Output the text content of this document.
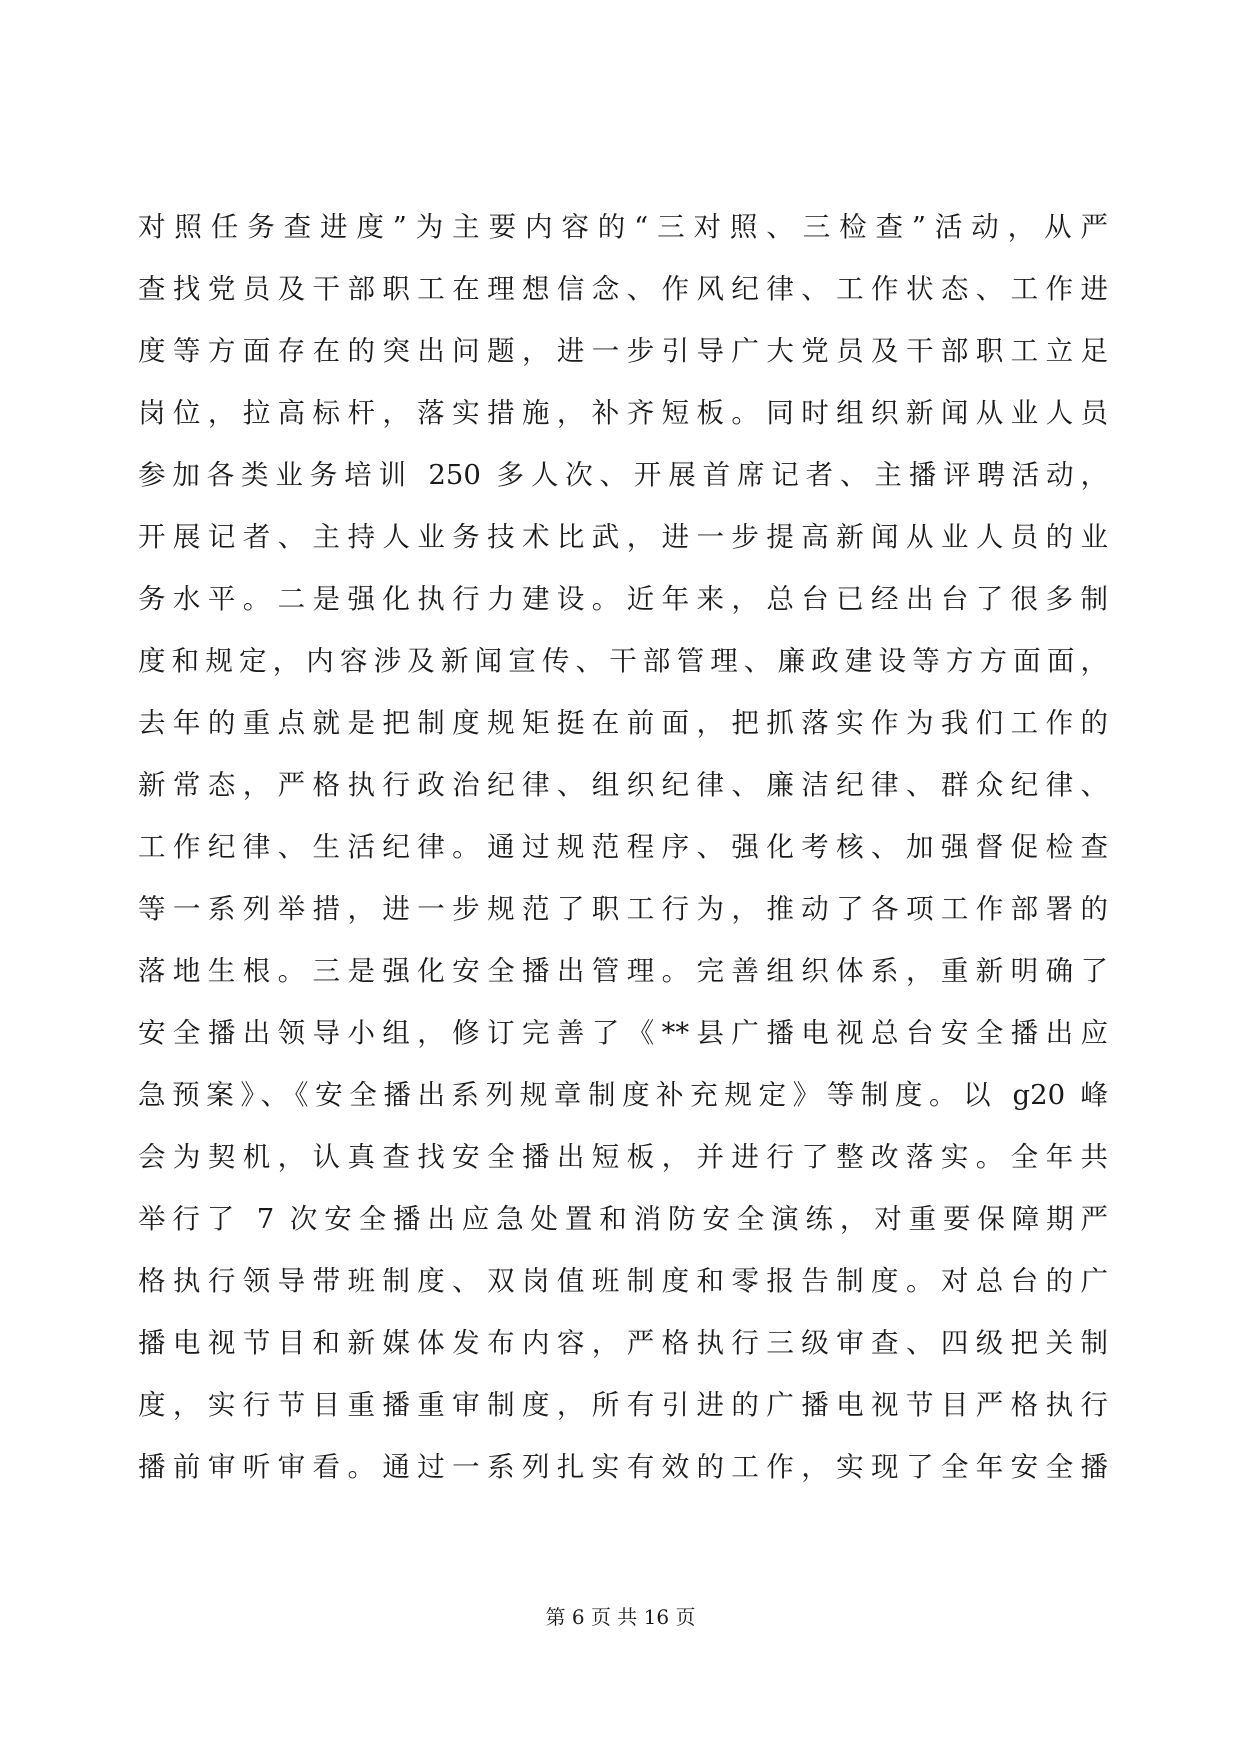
对照任务查进度”为主要内容的“三对照、三检查”活动，从严
查找党员及干部职工在理想信念、作风纪律、工作状态、工作进
度等方面存在的突出问题，进一步引导广大党员及干部职工立足
岗位，拉高标杆，落实措施，补齐短板。同时组织新闻从业人员
参加各类业务培训 250 多人次、开展首席记者、主播评聘活动，
开展记者、主持人业务技术比武，进一步提高新闻从业人员的业
务水平。二是强化执行力建设。近年来，总台已经出台了很多制
度和规定，内容涉及新闻宣传、干部管理、廉政建设等方方面面，
去年的重点就是把制度规矩挺在前面，把抓落实作为我们工作的
新常态，严格执行政治纪律、组织纪律、廉洁纪律、群众纪律、
工作纪律、生活纪律。通过规范程序、强化考核、加强督促检查
等一系列举措，进一步规范了职工行为，推动了各项工作部署的
落地生根。三是强化安全播出管理。完善组织体系，重新明确了
安全播出领导小组，修订完善了《**县广播电视总台安全播出应
急预案》、《安全播出系列规章制度补充规定》等制度。以 g20 峰
会为契机，认真查找安全播出短板，并进行了整改落实。全年共
举行了 7 次安全播出应急处置和消防安全演练，对重要保障期严
格执行领导带班制度、双岗值班制度和零报告制度。对总台的广
播电视节目和新媒体发布内容，严格执行三级审查、四级把关制
度，实行节目重播重审制度，所有引进的广播电视节目严格执行
播前审听审看。通过一系列扎实有效的工作，实现了全年安全播
第 6 页 共 16 页
